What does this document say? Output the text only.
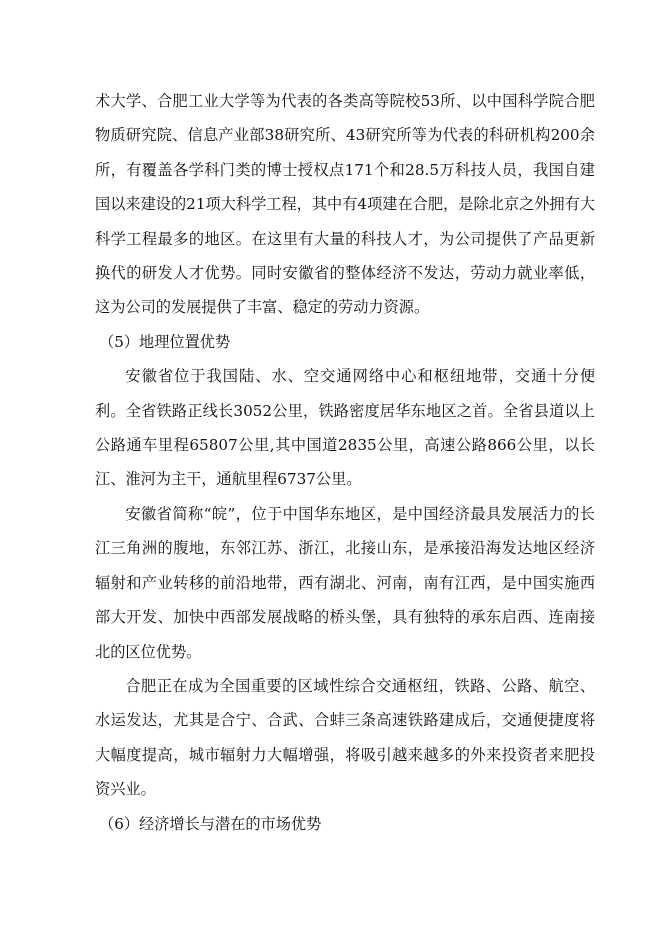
术大学、合肥工业大学等为代表的各类高等院校53所、以中国科学院合肥物质研究院、信息产业部38研究所、43研究所等为代表的科研机构200余所，有覆盖各学科门类的博士授权点171个和28.5万科技人员，我国自建国以来建设的21项大科学工程，其中有4项建在合肥，是除北京之外拥有大科学工程最多的地区。在这里有大量的科技人才，为公司提供了产品更新换代的研发人才优势。同时安徽省的整体经济不发达，劳动力就业率低，这为公司的发展提供了丰富、稳定的劳动力资源。

（5）地理位置优势

安徽省位于我国陆、水、空交通网络中心和枢纽地带，交通十分便利。全省铁路正线长3052公里，铁路密度居华东地区之首。全省县道以上公路通车里程65807公里,其中国道2835公里，高速公路866公里，以长江、淮河为主干，通航里程6737公里。

安徽省简称“皖”，位于中国华东地区，是中国经济最具发展活力的长江三角洲的腹地，东邻江苏、浙江，北接山东，是承接沿海发达地区经济辐射和产业转移的前沿地带，西有湖北、河南，南有江西，是中国实施西部大开发、加快中西部发展战略的桥头堡，具有独特的承东启西、连南接北的区位优势。

合肥正在成为全国重要的区域性综合交通枢纽，铁路、公路、航空、水运发达，尤其是合宁、合武、合蚌三条高速铁路建成后，交通便捷度将大幅度提高，城市辐射力大幅增强，将吸引越来越多的外来投资者来肥投资兴业。

（6）经济增长与潜在的市场优势
